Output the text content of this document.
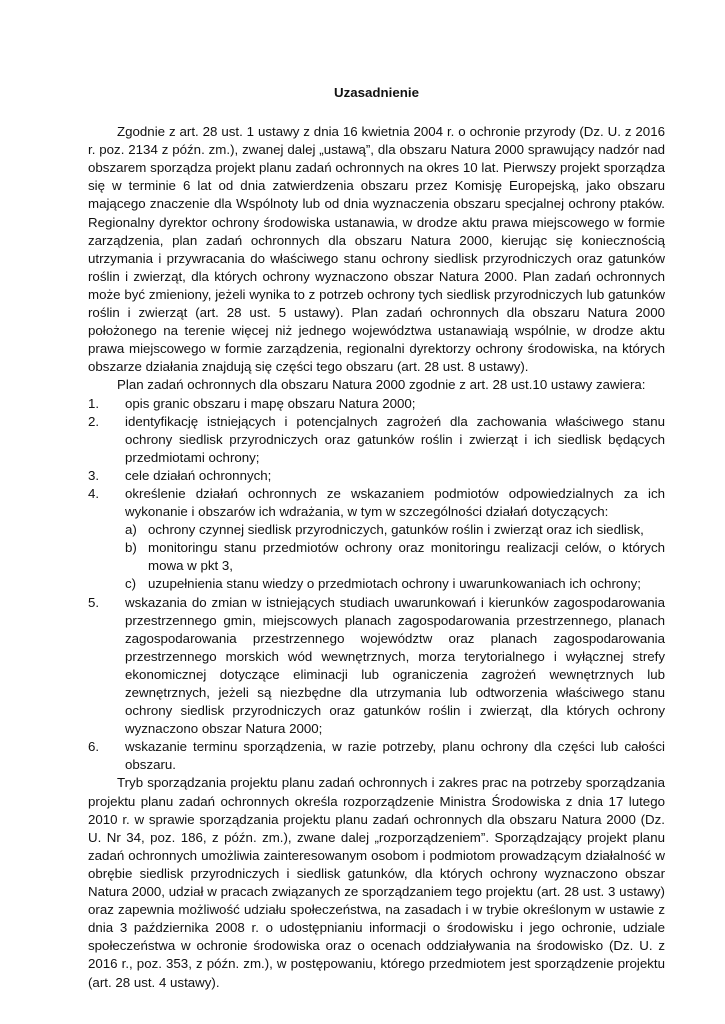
Uzasadnienie

Zgodnie z art. 28 ust. 1 ustawy z dnia 16 kwietnia 2004 r. o ochronie przyrody (Dz. U. z 2016 r. poz. 2134 z późn. zm.), zwanej dalej „ustawą”, dla obszaru Natura 2000 sprawujący nadzór nad obszarem sporządza projekt planu zadań ochronnych na okres 10 lat. Pierwszy projekt sporządza się w terminie 6 lat od dnia zatwierdzenia obszaru przez Komisję Europejską, jako obszaru mającego znaczenie dla Wspólnoty lub od dnia wyznaczenia obszaru specjalnej ochrony ptaków. Regionalny dyrektor ochrony środowiska ustanawia, w drodze aktu prawa miejscowego w formie zarządzenia, plan zadań ochronnych dla obszaru Natura 2000, kierując się koniecznością utrzymania i przywracania do właściwego stanu ochrony siedlisk przyrodniczych oraz gatunków roślin i zwierząt, dla których ochrony wyznaczono obszar Natura 2000. Plan zadań ochronnych może być zmieniony, jeżeli wynika to z potrzeb ochrony tych siedlisk przyrodniczych lub gatunków roślin i zwierząt (art. 28 ust. 5 ustawy). Plan zadań ochronnych dla obszaru Natura 2000 położonego na terenie więcej niż jednego województwa ustanawiają wspólnie, w drodze aktu prawa miejscowego w formie zarządzenia, regionalni dyrektorzy ochrony środowiska, na których obszarze działania znajdują się części tego obszaru (art. 28 ust. 8 ustawy).

Plan zadań ochronnych dla obszaru Natura 2000 zgodnie z art. 28 ust.10 ustawy zawiera:

1. opis granic obszaru i mapę obszaru Natura 2000;
2. identyfikację istniejących i potencjalnych zagrożeń dla zachowania właściwego stanu ochrony siedlisk przyrodniczych oraz gatunków roślin i zwierząt i ich siedlisk będących przedmiotami ochrony;
3. cele działań ochronnych;
4. określenie działań ochronnych ze wskazaniem podmiotów odpowiedzialnych za ich wykonanie i obszarów ich wdrażania, w tym w szczególności działań dotyczących:
a) ochrony czynnej siedlisk przyrodniczych, gatunków roślin i zwierząt oraz ich siedlisk,
b) monitoringu stanu przedmiotów ochrony oraz monitoringu realizacji celów, o których mowa w pkt 3,
c) uzupełnienia stanu wiedzy o przedmiotach ochrony i uwarunkowaniach ich ochrony;
5. wskazania do zmian w istniejących studiach uwarunkowań i kierunków zagospodarowania przestrzennego gmin, miejscowych planach zagospodarowania przestrzennego, planach zagospodarowania przestrzennego województw oraz planach zagospodarowania przestrzennego morskich wód wewnętrznych, morza terytorialnego i wyłącznej strefy ekonomicznej dotyczące eliminacji lub ograniczenia zagrożeń wewnętrznych lub zewnętrznych, jeżeli są niezbędne dla utrzymania lub odtworzenia właściwego stanu ochrony siedlisk przyrodniczych oraz gatunków roślin i zwierząt, dla których ochrony wyznaczono obszar Natura 2000;
6. wskazanie terminu sporządzenia, w razie potrzeby, planu ochrony dla części lub całości obszaru.

Tryb sporządzania projektu planu zadań ochronnych i zakres prac na potrzeby sporządzania projektu planu zadań ochronnych określa rozporządzenie Ministra Środowiska z dnia 17 lutego 2010 r. w sprawie sporządzania projektu planu zadań ochronnych dla obszaru Natura 2000 (Dz. U. Nr 34, poz. 186, z późn. zm.), zwane dalej „rozporządzeniem”. Sporządzający projekt planu zadań ochronnych umożliwia zainteresowanym osobom i podmiotom prowadzącym działalność w obrębie siedlisk przyrodniczych i siedlisk gatunków, dla których ochrony wyznaczono obszar Natura 2000, udział w pracach związanych ze sporządzaniem tego projektu (art. 28 ust. 3 ustawy) oraz zapewnia możliwość udziału społeczeństwa, na zasadach i w trybie określonym w ustawie z dnia 3 października 2008 r. o udostępnianiu informacji o środowisku i jego ochronie, udziale społeczeństwa w ochronie środowiska oraz o ocenach oddziaływania na środowisko (Dz. U. z 2016 r., poz. 353, z późn. zm.), w postępowaniu, którego przedmiotem jest sporządzenie projektu (art. 28 ust. 4 ustawy).
